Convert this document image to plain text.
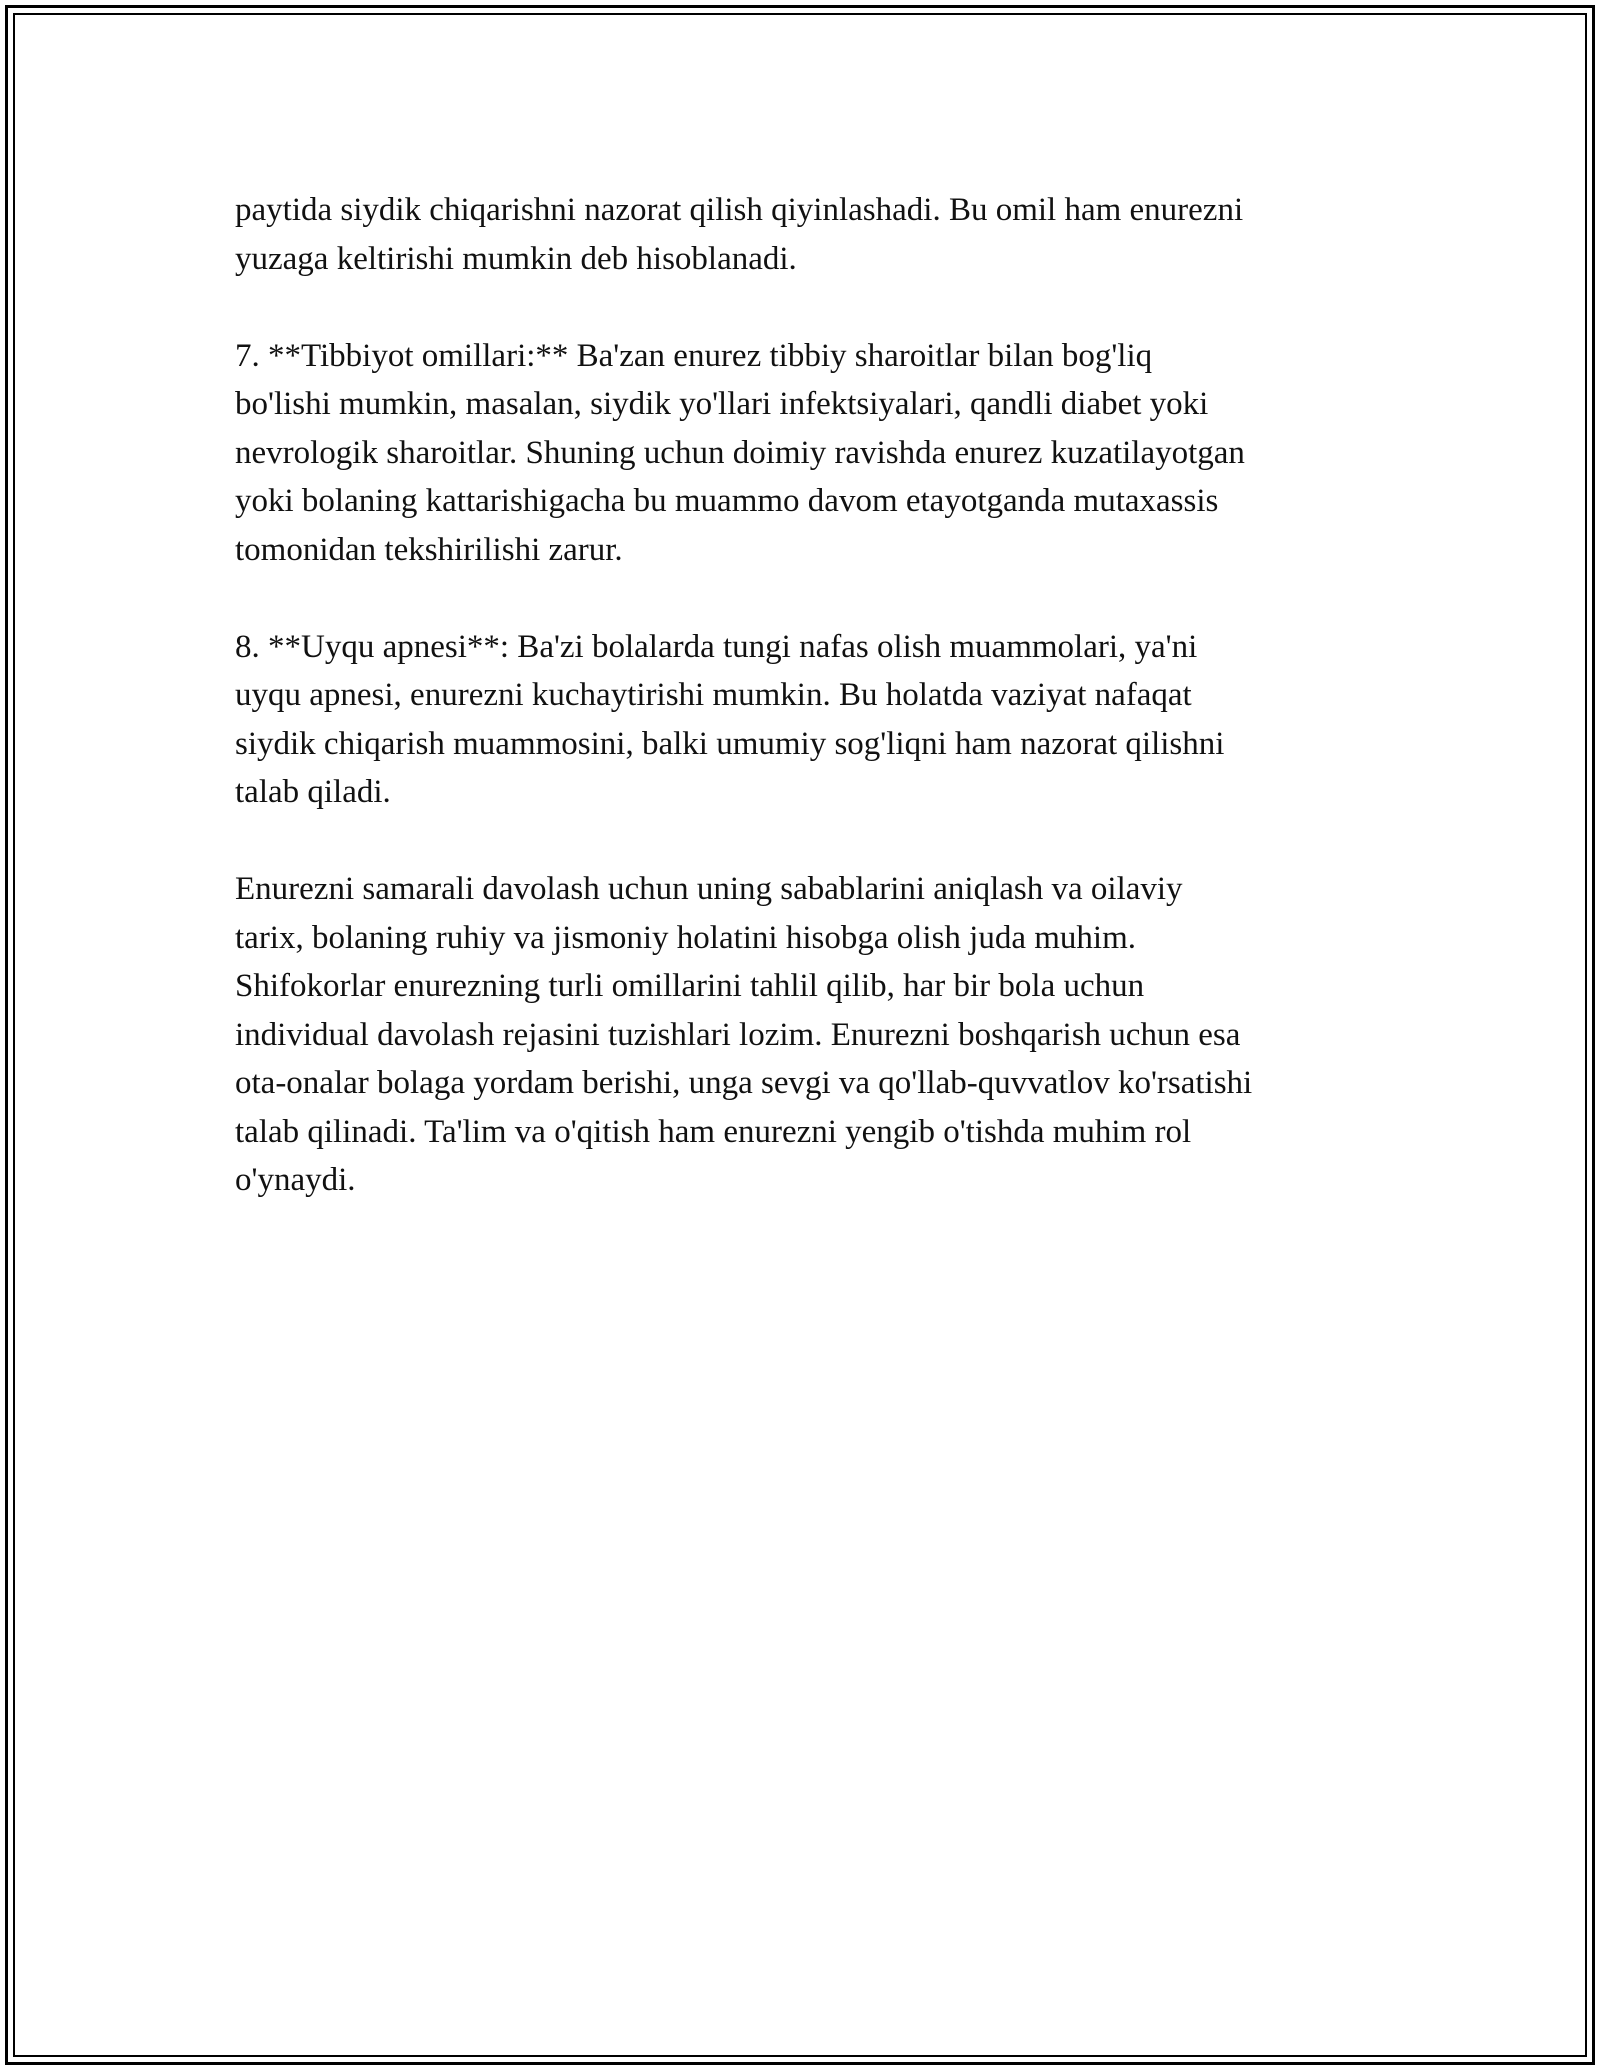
paytida siydik chiqarishni nazorat qilish qiyinlashadi. Bu omil ham enurezni
yuzaga keltirishi mumkin deb hisoblanadi.

7. **Tibbiyot omillari:** Ba'zan enurez tibbiy sharoitlar bilan bog'liq
bo'lishi mumkin, masalan, siydik yo'llari infektsiyalari, qandli diabet yoki
nevrologik sharoitlar. Shuning uchun doimiy ravishda enurez kuzatilayotgan
yoki bolaning kattarishigacha bu muammo davom etayotganda mutaxassis
tomonidan tekshirilishi zarur.

8. **Uyqu apnesi**: Ba'zi bolalarda tungi nafas olish muammolari, ya'ni
uyqu apnesi, enurezni kuchaytirishi mumkin. Bu holatda vaziyat nafaqat
siydik chiqarish muammosini, balki umumiy sog'liqni ham nazorat qilishni
talab qiladi.

Enurezni samarali davolash uchun uning sabablarini aniqlash va oilaviy
tarix, bolaning ruhiy va jismoniy holatini hisobga olish juda muhim.
Shifokorlar enurezning turli omillarini tahlil qilib, har bir bola uchun
individual davolash rejasini tuzishlari lozim. Enurezni boshqarish uchun esa
ota-onalar bolaga yordam berishi, unga sevgi va qo'llab-quvvatlov ko'rsatishi
talab qilinadi. Ta'lim va o'qitish ham enurezni yengib o'tishda muhim rol
o'ynaydi.
